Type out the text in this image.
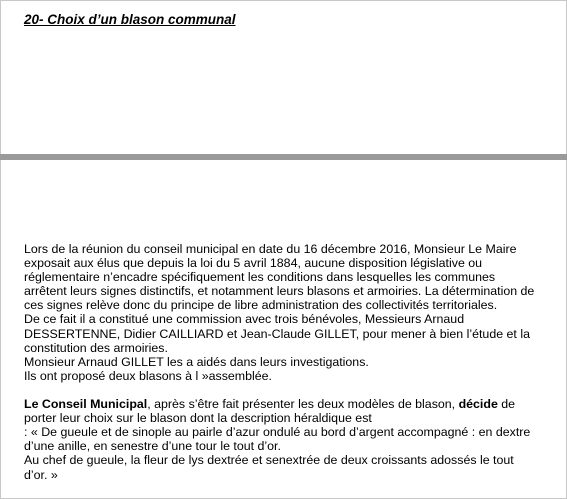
20- Choix d’un blason communal
Lors de la réunion du conseil municipal en date du 16 décembre 2016, Monsieur Le Maire
exposait aux élus que depuis la loi du 5 avril 1884, aucune disposition législative ou
réglementaire n’encadre spécifiquement les conditions dans lesquelles les communes
arrêtent leurs signes distinctifs, et notamment leurs blasons et armoiries. La détermination de
ces signes relève donc du principe de libre administration des collectivités territoriales.
De ce fait il a constitué une commission avec trois bénévoles, Messieurs Arnaud
DESSERTENNE, Didier CAILLIARD et Jean-Claude GILLET, pour mener à bien l’étude et la
constitution des armoiries.
Monsieur Arnaud GILLET les a aidés dans leurs investigations.
Ils ont proposé deux blasons à l »assemblée.
Le Conseil Municipal, après s’être fait présenter les deux modèles de blason, décide de
porter leur choix sur le blason dont la description héraldique est
: « De gueule et de sinople au pairle d’azur ondulé au bord d’argent accompagné : en dextre
d’une anille, en senestre d’une tour le tout d’or.
Au chef de gueule, la fleur de lys dextrée et senextrée de deux croissants adossés le tout
d’or. »
